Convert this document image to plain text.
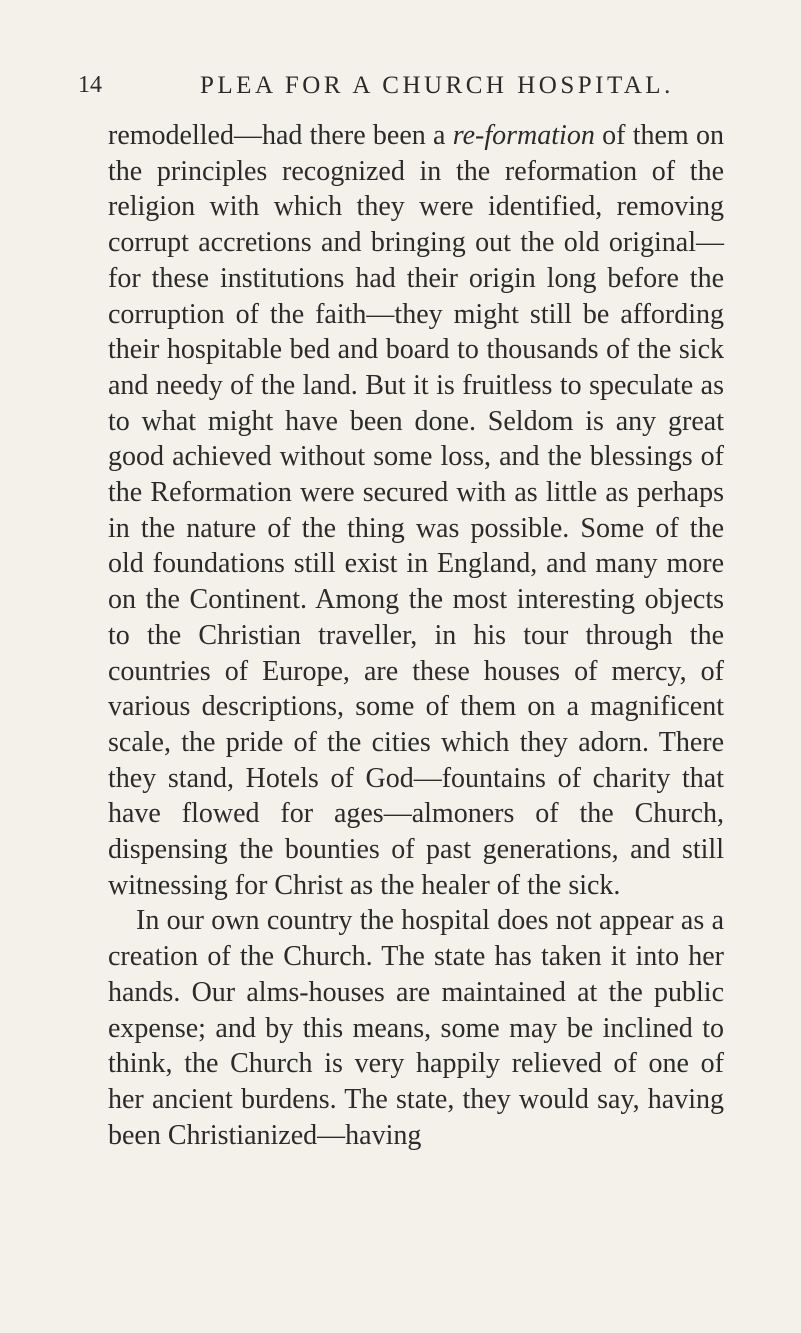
14	PLEA FOR A CHURCH HOSPITAL.

remodelled—had there been a re-formation of them on the principles recognized in the reformation of the religion with which they were identified, removing corrupt accretions and bringing out the old original—for these institutions had their origin long before the corruption of the faith—they might still be affording their hospitable bed and board to thousands of the sick and needy of the land. But it is fruitless to speculate as to what might have been done. Seldom is any great good achieved without some loss, and the blessings of the Reformation were secured with as little as perhaps in the nature of the thing was possible. Some of the old foundations still exist in England, and many more on the Continent. Among the most interesting objects to the Christian traveller, in his tour through the countries of Europe, are these houses of mercy, of various descriptions, some of them on a magnificent scale, the pride of the cities which they adorn. There they stand, Hotels of God—fountains of charity that have flowed for ages—almoners of the Church, dispensing the bounties of past generations, and still witnessing for Christ as the healer of the sick.

In our own country the hospital does not appear as a creation of the Church. The state has taken it into her hands. Our alms-houses are maintained at the public expense; and by this means, some may be inclined to think, the Church is very happily relieved of one of her ancient burdens. The state, they would say, having been Christianized—having
